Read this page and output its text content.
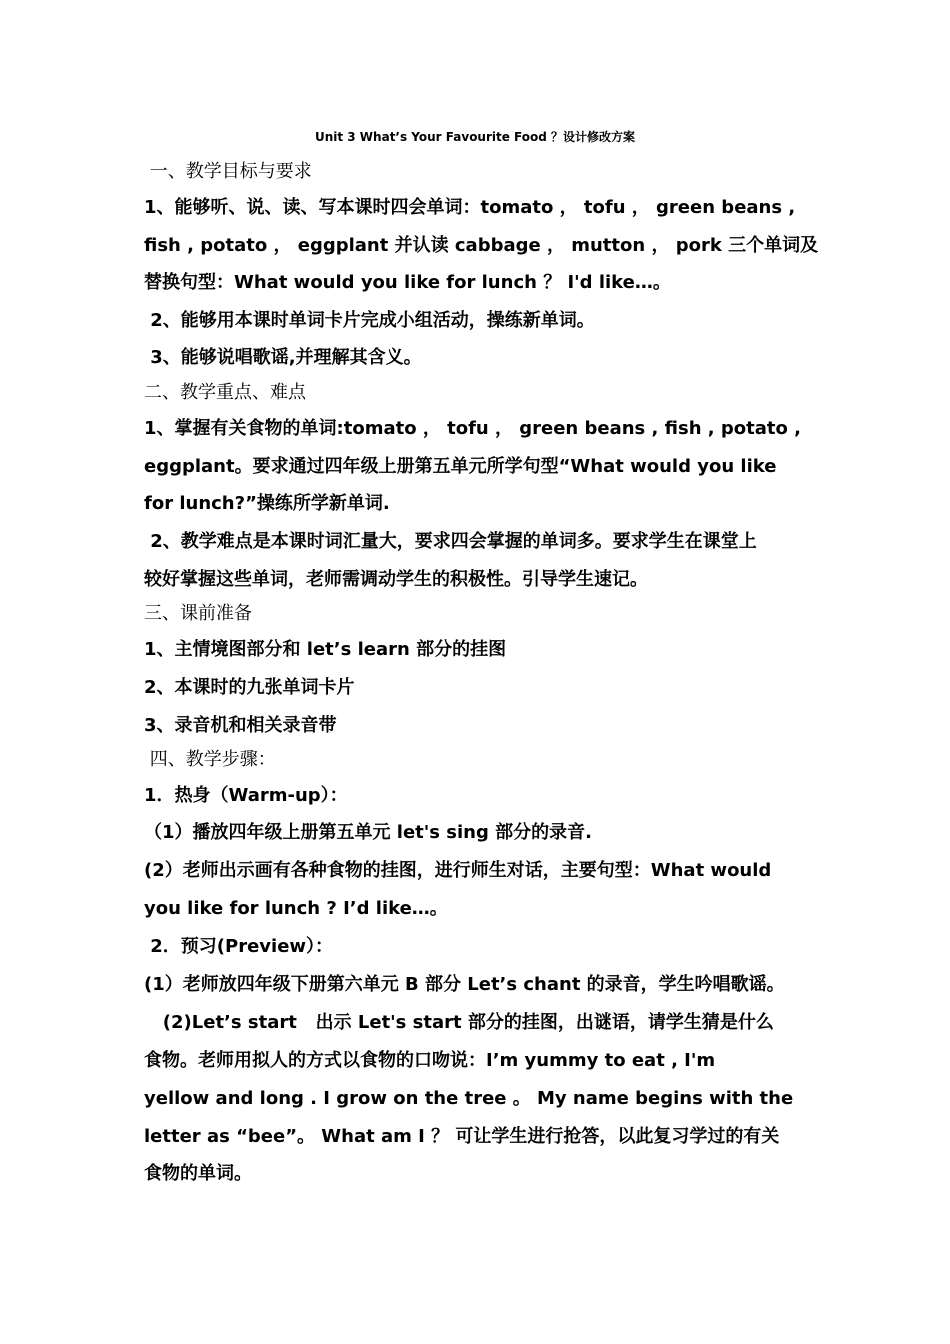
Unit 3 What’s Your Favourite Food ？设计修改方案
一、教学目标与要求
1、能够听、说、读、写本课时四会单词：tomato ， tofu ， green beans ,
fish , potato ， eggplant 并认读 cabbage ， mutton ， pork 三个单词及
替换句型：What would you like for lunch ？ I'd like…。
2、能够用本课时单词卡片完成小组活动，操练新单词。
3、能够说唱歌谣,并理解其含义。
二、教学重点、难点
1、掌握有关食物的单词:tomato ， tofu ， green beans , fish , potato ,
eggplant。要求通过四年级上册第五单元所学句型“What would you like
for lunch?”操练所学新单词.
2、教学难点是本课时词汇量大，要求四会掌握的单词多。要求学生在课堂上
较好掌握这些单词，老师需调动学生的积极性。引导学生速记。
三、课前准备
1、主情境图部分和 let’s learn 部分的挂图
2、本课时的九张单词卡片
3、录音机和相关录音带
四、教学步骤：
1．热身（Warm-up）：
（1）播放四年级上册第五单元 let's sing 部分的录音.
(2）老师出示画有各种食物的挂图，进行师生对话，主要句型：What would
you like for lunch ? I’d like…。
2．预习(Preview）：
(1）老师放四年级下册第六单元 B 部分 Let’s chant 的录音，学生吟唱歌谣。
(2)Let’s start   出示 Let's start 部分的挂图，出谜语，请学生猜是什么
食物。老师用拟人的方式以食物的口吻说：I’m yummy to eat , I'm
yellow and long . I grow on the tree 。 My name begins with the
letter as “bee”。 What am I ？ 可让学生进行抢答，以此复习学过的有关
食物的单词。
